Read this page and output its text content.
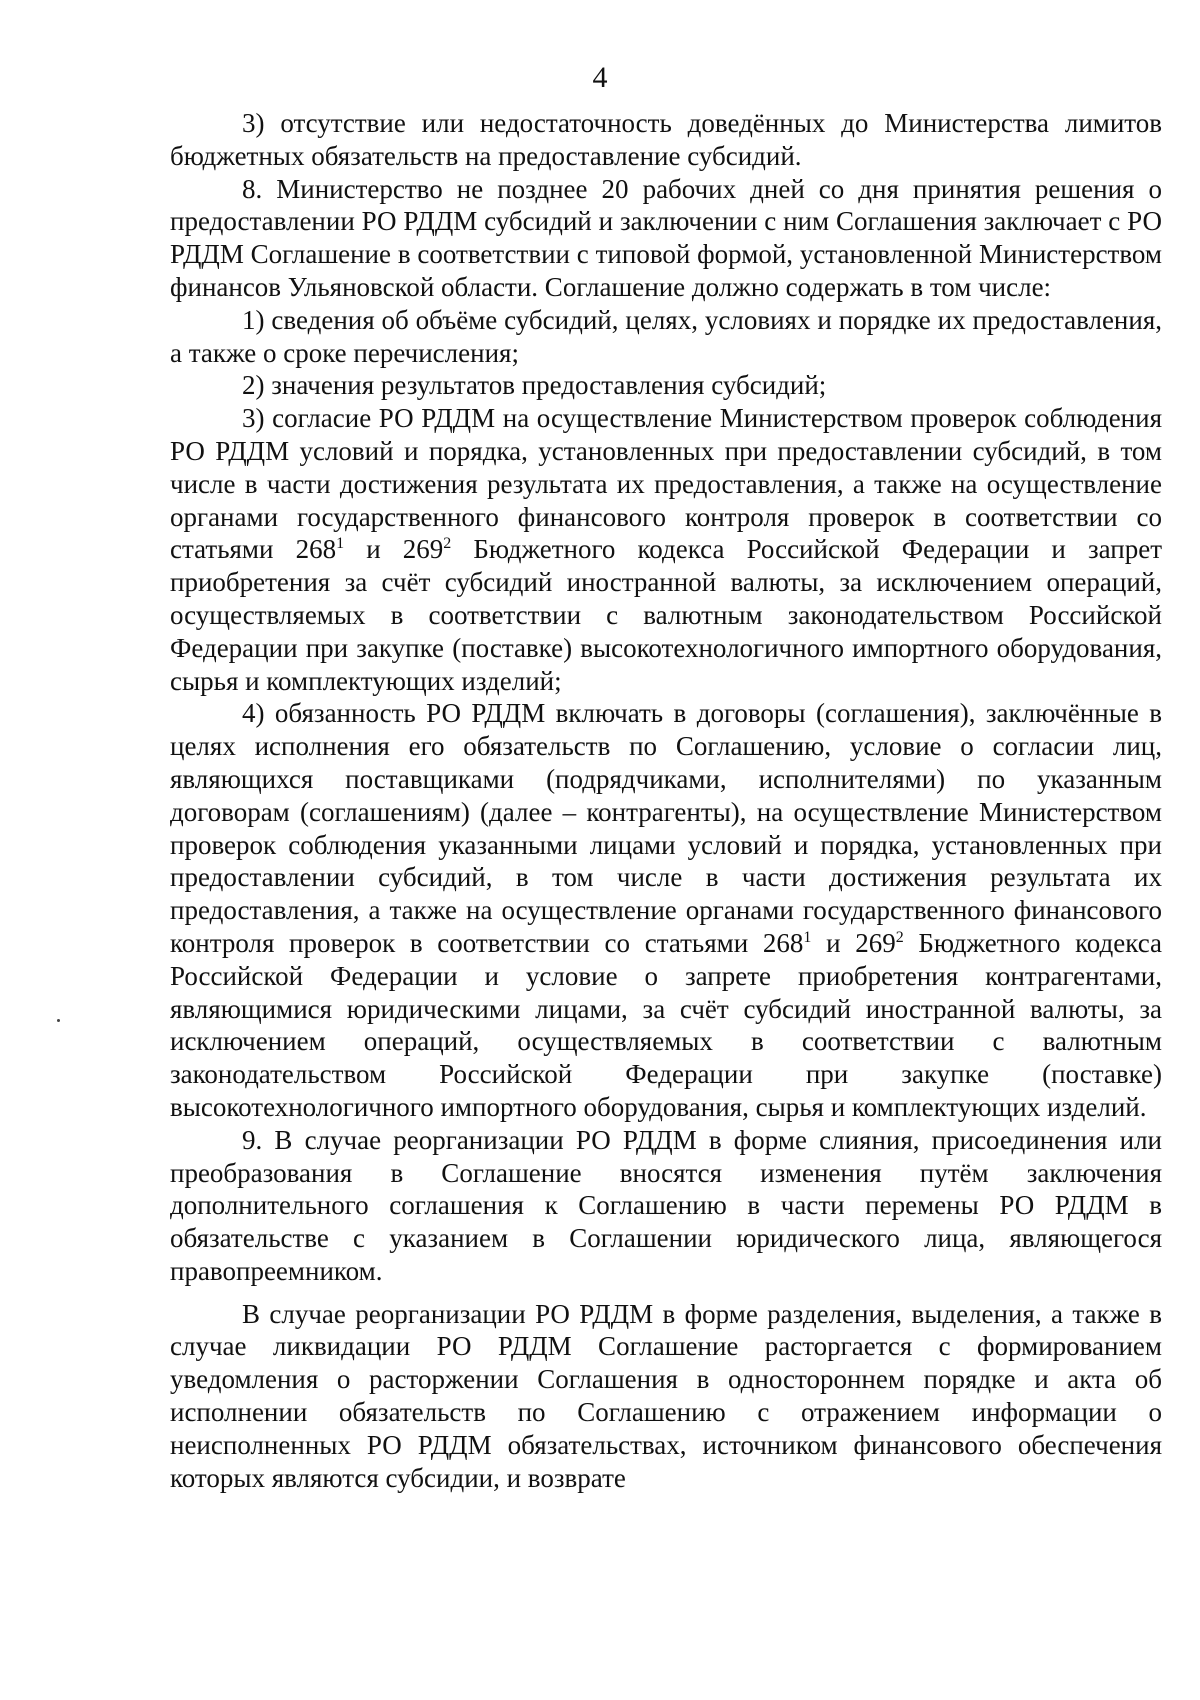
4

3) отсутствие или недостаточность доведённых до Министерства лимитов бюджетных обязательств на предоставление субсидий.

8. Министерство не позднее 20 рабочих дней со дня принятия решения о предоставлении РО РДДМ субсидий и заключении с ним Соглашения заключает с РО РДДМ Соглашение в соответствии с типовой формой, установленной Министерством финансов Ульяновской области. Соглашение должно содержать в том числе:

1) сведения об объёме субсидий, целях, условиях и порядке их предоставления, а также о сроке перечисления;

2) значения результатов предоставления субсидий;

3) согласие РО РДДМ на осуществление Министерством проверок соблюдения РО РДДМ условий и порядка, установленных при предоставлении субсидий, в том числе в части достижения результата их предоставления, а также на осуществление органами государственного финансового контроля проверок в соответствии со статьями $268^1$ и $269^2$ Бюджетного кодекса Российской Федерации и запрет приобретения за счёт субсидий иностранной валюты, за исключением операций, осуществляемых в соответствии с валютным законодательством Российской Федерации при закупке (поставке) высокотехнологичного импортного оборудования, сырья и комплектующих изделий;

4) обязанность РО РДДМ включать в договоры (соглашения), заключённые в целях исполнения его обязательств по Соглашению, условие о согласии лиц, являющихся поставщиками (подрядчиками, исполнителями) по указанным договорам (соглашениям) (далее – контрагенты), на осуществление Министерством проверок соблюдения указанными лицами условий и порядка, установленных при предоставлении субсидий, в том числе в части достижения результата их предоставления, а также на осуществление органами государственного финансового контроля проверок в соответствии со статьями $268^1$ и $269^2$ Бюджетного кодекса Российской Федерации и условие о запрете приобретения контрагентами, являющимися юридическими лицами, за счёт субсидий иностранной валюты, за исключением операций, осуществляемых в соответствии с валютным законодательством Российской Федерации при закупке (поставке) высокотехнологичного импортного оборудования, сырья и комплектующих изделий.

9. В случае реорганизации РО РДДМ в форме слияния, присоединения или преобразования в Соглашение вносятся изменения путём заключения дополнительного соглашения к Соглашению в части перемены РО РДДМ в обязательстве с указанием в Соглашении юридического лица, являющегося правопреемником.

В случае реорганизации РО РДДМ в форме разделения, выделения, а также в случае ликвидации РО РДДМ Соглашение расторгается с формированием уведомления о расторжении Соглашения в одностороннем порядке и акта об исполнении обязательств по Соглашению с отражением информации о неисполненных РО РДДМ обязательствах, источником финансового обеспечения которых являются субсидии, и возврате
